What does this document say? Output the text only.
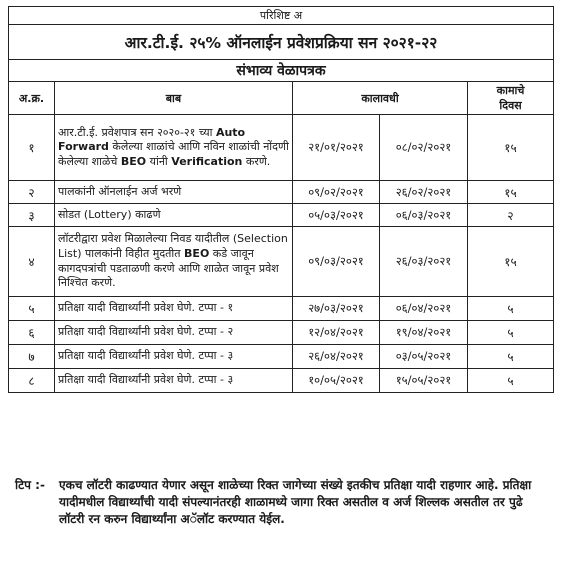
परिशिष्ट अ				
आर.टी.ई. २५% ऑनलाईन प्रवेशप्रक्रिया सन २०२१-२२				
संभाव्य वेळापत्रक				
अ.क्र.	बाब	कालावधी		कामाचे
दिवस

१	आर.टी.ई. प्रवेशपात्र सन २०२०-२१ च्या Auto Forward केलेल्या शाळांचे आणि नविन शाळांची नोंदणी केलेल्या शाळेचे BEO यांनी Verification करणे.	२१/०१/२०२१	०८/०२/२०२१	१५
२	पालकांनी ऑनलाईन अर्ज भरणे	०९/०२/२०२१	२६/०२/२०२१	१५
३	सोडत (Lottery) काढणे	०५/०३/२०२१	०६/०३/२०२१	२
४	लॉटरीद्वारा प्रवेश मिळालेल्या निवड यादीतील (Selection List) पालकांनी विहीत मुदतीत BEO कडे जावून कागदपत्रांची पडताळणी करणे आणि शाळेत जावून प्रवेश निश्चित करणे.	०९/०३/२०२१	२६/०३/२०२१	१५
५	प्रतिक्षा यादी विद्यार्थ्यांनी प्रवेश घेणे. टप्पा - १	२७/०३/२०२१	०६/०४/२०२१	५
६	प्रतिक्षा यादी विद्यार्थ्यांनी प्रवेश घेणे. टप्पा - २	१२/०४/२०२१	१९/०४/२०२१	५
७	प्रतिक्षा यादी विद्यार्थ्यांनी प्रवेश घेणे. टप्पा - ३	२६/०४/२०२१	०३/०५/२०२१	५
८	प्रतिक्षा यादी विद्यार्थ्यांनी प्रवेश घेणे. टप्पा - ३	१०/०५/२०२१	१५/०५/२०२१	५
टिप :- एकच लॉटरी काढण्यात येणार असून शाळेच्या रिक्त जागेच्या संख्ये इतकीच प्रतिक्षा यादी राहणार आहे. प्रतिक्षा यादीमधील विद्यार्थ्यांची यादी संपल्यानंतरही शाळामध्ये जागा रिक्त असतील व अर्ज शिल्लक असतील तर पुढे लॉटरी रन करुन विद्यार्थ्यांना अॅलॉट करण्यात येईल.
